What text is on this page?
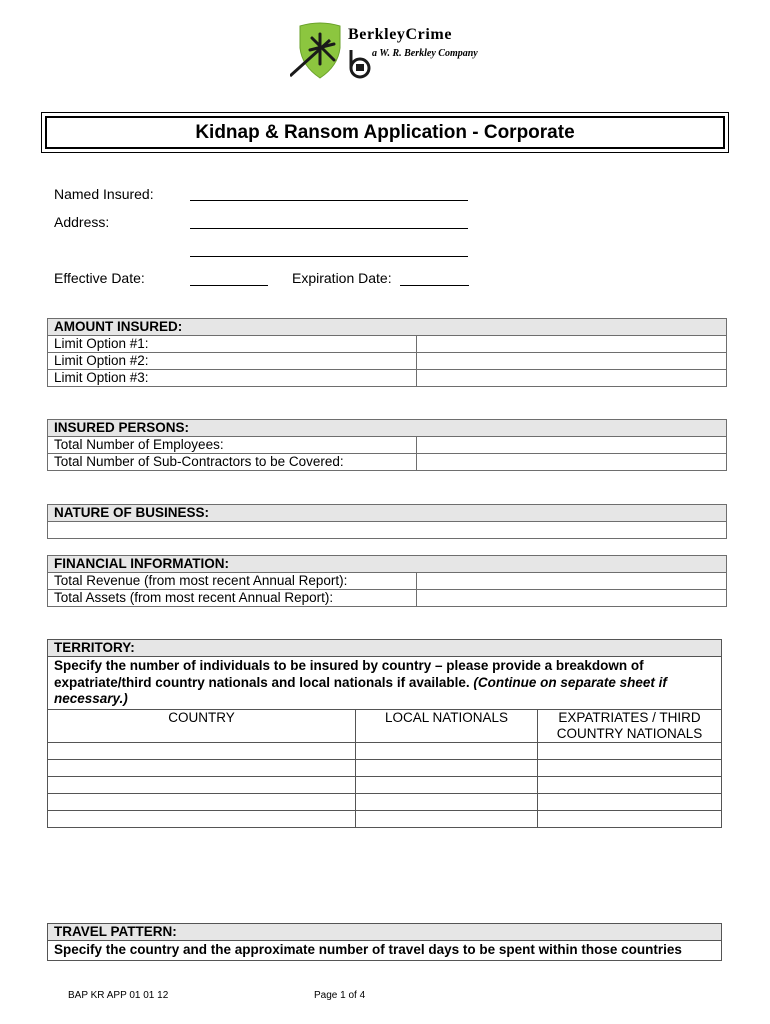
BerkleyCrime
a W. R. Berkley Company
Kidnap & Ransom Application - Corporate
Named Insured:
Address:
Effective Date:	Expiration Date:
AMOUNT INSURED:	
Limit Option #1:	
Limit Option #2:	
Limit Option #3:	
INSURED PERSONS:	
Total Number of Employees:	
Total Number of Sub-Contractors to be Covered:	
NATURE OF BUSINESS:

FINANCIAL INFORMATION:	
Total Revenue (from most recent Annual Report):	
Total Assets (from most recent Annual Report):	
TERRITORY:		
Specify the number of individuals to be insured by country – please provide a breakdown of expatriate/third country nationals and local nationals if available. (Continue on separate sheet if necessary.)		
COUNTRY	LOCAL NATIONALS	EXPATRIATES / THIRD COUNTRY NATIONALS

TRAVEL PATTERN:
Specify the country and the approximate number of travel days to be spent within those countries
BAP KR APP 01 01 12	Page 1 of 4
